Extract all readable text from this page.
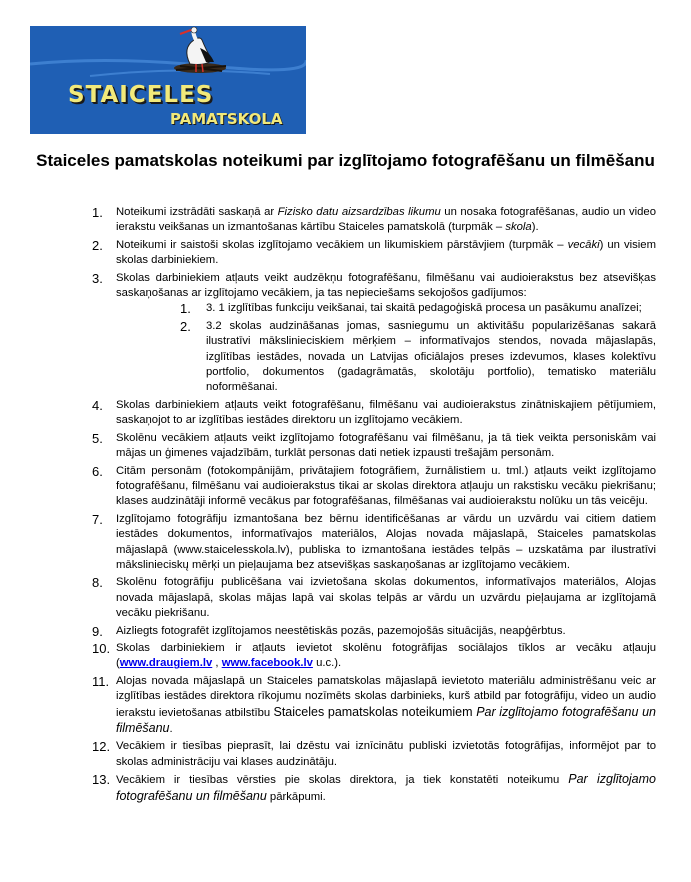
STAICELES
PAMATSKOLA
Staiceles pamatskolas noteikumi par izglītojamo fotografēšanu un filmēšanu
1. Noteikumi izstrādāti saskaņā ar Fizisko datu aizsardzības likumu un nosaka fotografēšanas, audio un video ierakstu veikšanas un izmantošanas kārtību Staiceles pamatskolā (turpmāk – skola).
2. Noteikumi ir saistoši skolas izglītojamo vecākiem un likumiskiem pārstāvjiem (turpmāk – vecāki) un visiem skolas darbiniekiem.
3. Skolas darbiniekiem atļauts veikt audzēkņu fotografēšanu, filmēšanu vai audioierakstus bez atsevišķas saskaņošanas ar izglītojamo vecākiem, ja tas nepieciešams sekojošos gadījumos:
1. 3. 1 izglītības funkciju veikšanai, tai skaitā pedagoģiskā procesa un pasākumu analīzei;
2. 3.2 skolas audzināšanas jomas, sasniegumu un aktivitāšu popularizēšanas sakarā ilustratīvi mākslinieciskiem mērķiem – informatīvajos stendos, novada mājaslapās, izglītības iestādes, novada un Latvijas oficiālajos preses izdevumos, klases kolektīvu portfolio, dokumentos (gadagrāmatās, skolotāju portfolio), tematisko materiālu noformēšanai.
4. Skolas darbiniekiem atļauts veikt fotografēšanu, filmēšanu vai audioierakstus zinātniskajiem pētījumiem, saskaņojot to ar izglītības iestādes direktoru un izglītojamo vecākiem.
5. Skolēnu vecākiem atļauts veikt izglītojamo fotografēšanu vai filmēšanu, ja tā tiek veikta personiskām vai mājas un ģimenes vajadzībām, turklāt personas dati netiek izpausti trešajām personām.
6. Citām personām (fotokompānijām, privātajiem fotogrāfiem, žurnālistiem u. tml.) atļauts veikt izglītojamo fotografēšanu, filmēšanu vai audioierakstus tikai ar skolas direktora atļauju un rakstisku vecāku piekrišanu; klases audzinātāji informē vecākus par fotografēšanas, filmēšanas vai audioierakstu nolūku un tās veicēju.
7. Izglītojamo fotogrāfiju izmantošana bez bērnu identificēšanas ar vārdu un uzvārdu vai citiem datiem iestādes dokumentos, informatīvajos materiālos, Alojas novada mājaslapā, Staiceles pamatskolas mājaslapā (www.staicelesskola.lv), publiska to izmantošana iestādes telpās – uzskatāma par ilustratīvi mākslinieciskų mērķi un pieļaujama bez atsevišķas saskaņošanas ar izglītojamo vecākiem.
8. Skolēnu fotogrāfiju publicēšana vai izvietošana skolas dokumentos, informatīvajos materiālos, Alojas novada mājaslapā, skolas mājas lapā vai skolas telpās ar vārdu un uzvārdu pieļaujama ar izglītojamā vecāku piekrišanu.
9. Aizliegts fotografēt izglītojamos neestētiskās pozās, pazemojošās situācijās, neapģērbtus.
10. Skolas darbiniekiem ir atļauts ievietot skolēnu fotogrāfijas sociālajos tīklos ar vecāku atļauju (www.draugiem.lv , www.facebook.lv u.c.).
11. Alojas novada mājaslapā un Staiceles pamatskolas mājaslapā ievietoto materiālu administrēšanu veic ar izglītības iestādes direktora rīkojumu nozīmēts skolas darbinieks, kurš atbild par fotogrāfiju, video un audio ierakstu ievietošanas atbilstību Staiceles pamatskolas noteikumiem Par izglītojamo fotografēšanu un filmēšanu.
12. Vecākiem ir tiesības pieprasīt, lai dzēstu vai iznīcinātu publiski izvietotās fotogrāfijas, informējot par to skolas administrāciju vai klases audzinātāju.
13. Vecākiem ir tiesības vērsties pie skolas direktora, ja tiek konstatēti noteikumu Par izglītojamo fotografēšanu un filmēšanu pārkāpumi.
